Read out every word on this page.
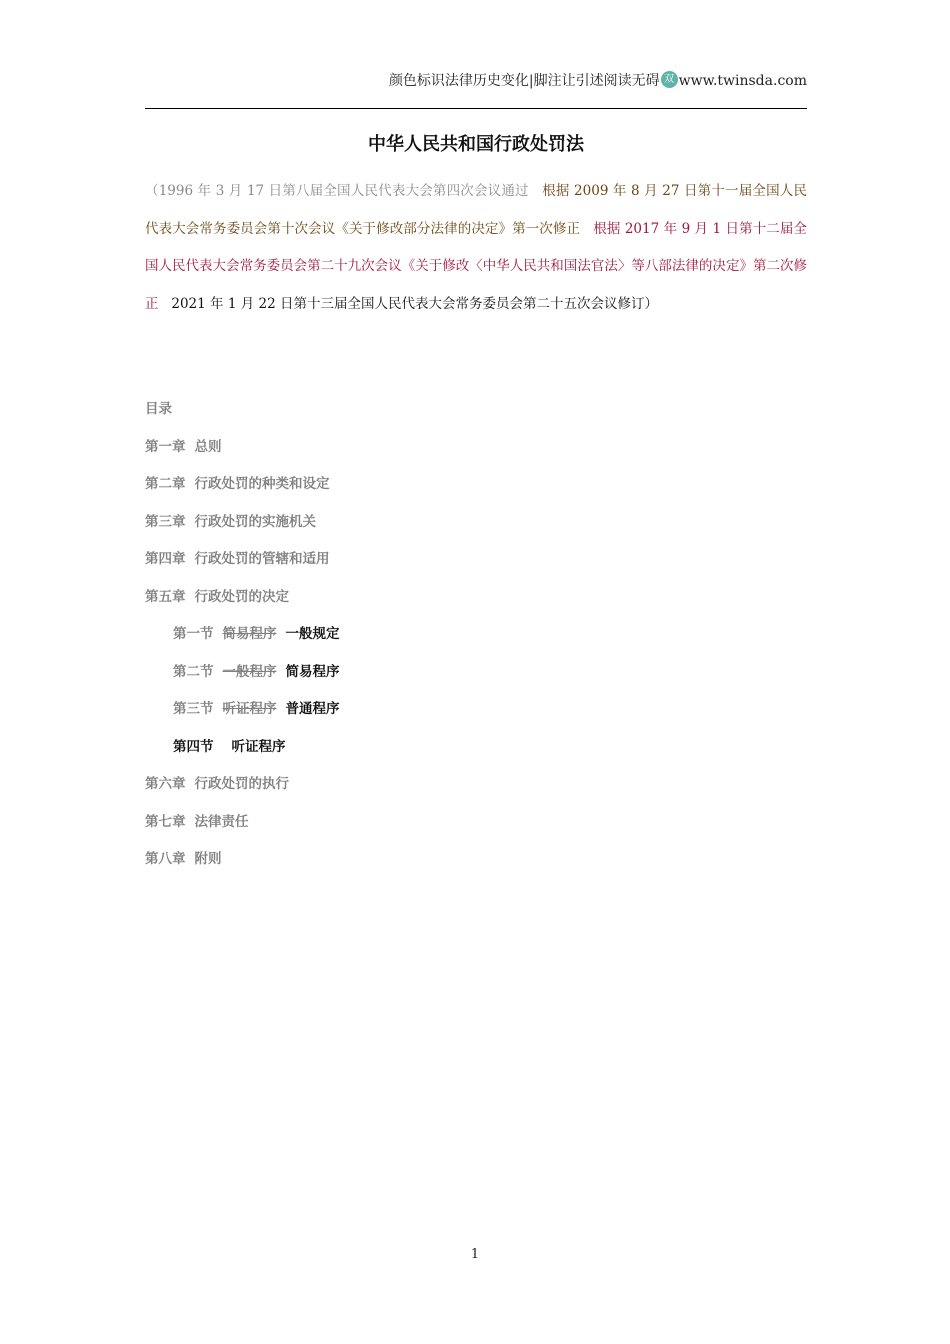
颜色标识法律历史变化|脚注让引述阅读无碍 双 www.twinsda.com
中华人民共和国行政处罚法
（1996 年 3 月 17 日第八届全国人民代表大会第四次会议通过 根据 2009 年 8 月 27 日第十一届全国人民代表大会常务委员会第十次会议《关于修改部分法律的决定》第一次修正 根据 2017 年 9 月 1 日第十二届全国人民代表大会常务委员会第二十九次会议《关于修改〈中华人民共和国法官法〉等八部法律的决定》第二次修正 2021 年 1 月 22 日第十三届全国人民代表大会常务委员会第二十五次会议修订）
目录
第一章 总则
第二章 行政处罚的种类和设定
第三章 行政处罚的实施机关
第四章 行政处罚的管辖和适用
第五章 行政处罚的决定
第一节 简易程序 一般规定
第二节 一般程序 简易程序
第三节 听证程序 普通程序
第四节 听证程序
第六章 行政处罚的执行
第七章 法律责任
第八章 附则
1
